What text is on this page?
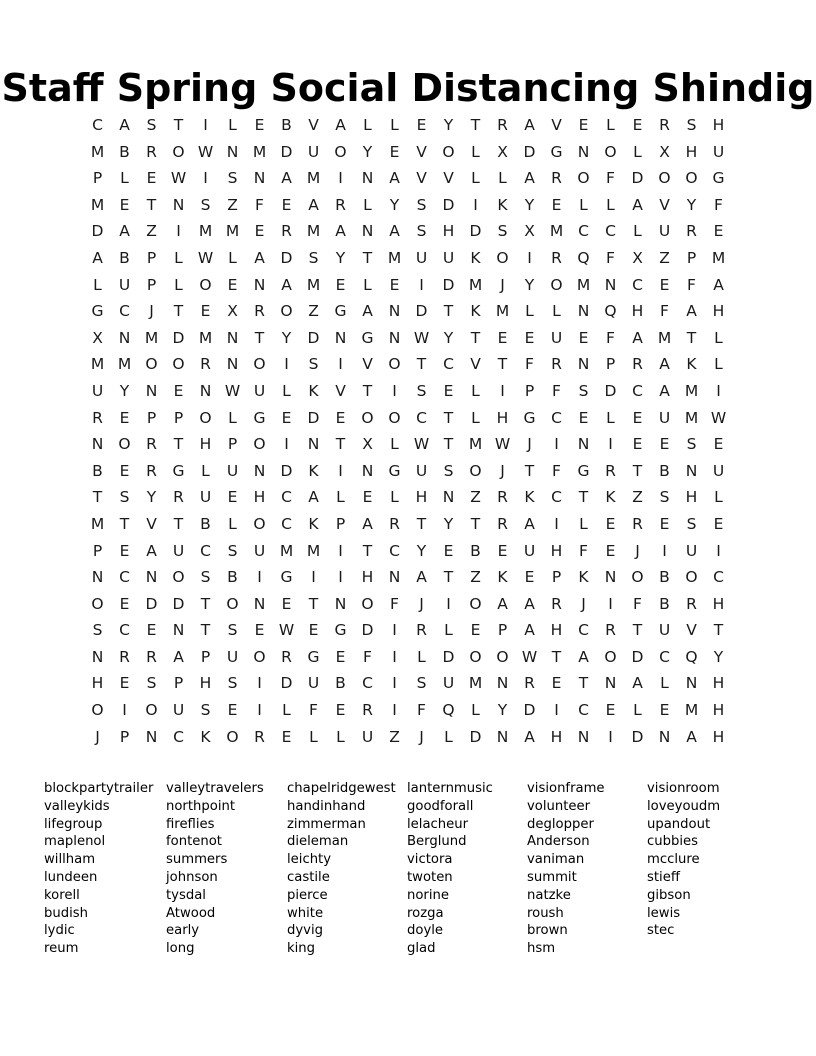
Staff Spring Social Distancing Shindig
C	A	S	T	I	L	E	B	V	A	L	L	E	Y	T	R	A	V	E	L	E	R	S	H
M B	R	O W N M D U O	Y	E	V	O	L	X	D G N O	L	X	H U
P	L	E W	I	S	N	A M	I	N	A	V	V	L	L	A	R	O	F	D O O G
M E	T	N	S	Z	F	E	A	R	L	Y	S	D	I	K	Y	E	L	L	A	V	Y	F
D	A	Z	I	M M E	R M A	N	A	S	H D	S	X M C	C	L	U	R	E
A	B	P	L W L	A	D	S	Y	T	M U	U	K	O	I	R	Q	F	X	Z	P	M
L	U	P	L	O	E	N	A M E	L	E	I	D M	J	Y	O M N	C	E	F	A
G	C	J	T	E	X	R	O	Z	G	A	N D	T	K M	L	L	N Q H	F	A	H
X	N M D M N	T	Y	D N G N W Y	T	E	E	U	E	F	A M	T	L
M M O O	R	N O	I	S	I	V	O	T	C	V	T	F	R	N	P	R	A	K	L
U	Y	N	E	N W U	L	K	V	T	I	S	E	L	I	P	F	S	D	C	A M	I
R	E	P	P	O	L	G	E	D	E	O O C	T	L	H G	C	E	L	E	U M W
N O	R	T	H	P	O	I	N	T	X	L W T	M W	J	I	N	I	E	E	S	E
B	E	R	G	L	U	N D	K	I	N G U	S	O	J	T	F	G	R	T	B	N	U
T	S	Y	R	U	E	H	C	A	L	E	L	H N	Z	R	K	C	T	K	Z	S	H	L
M	T	V	T	B	L	O C	K	P	A	R	T	Y	T	R	A	I	L	E	R	E	S	E
P	E	A	U	C	S	U M M	I	T	C	Y	E	B	E	U	H	F	E	J	I	U	I
N	C	N O	S	B	I	G	I	I	H N	A	T	Z	K	E	P	K	N O	B	O C
O	E	D D	T	O N	E	T	N O	F	J	I	O	A	A	R	J	I	F	B	R	H
S	C	E	N	T	S	E W E	G D	I	R	L	E	P	A	H	C	R	T	U	V	T
N	R	R	A	P	U O	R	G	E	F	I	L	D O O W T	A	O D	C Q	Y
H	E	S	P	H	S	I	D U	B	C	I	S	U M N	R	E	T	N	A	L	N H
O	I	O U	S	E	I	L	F	E	R	I	F	Q	L	Y	D	I	C	E	L	E M H
J	P	N	C	K	O	R	E	L	L	U	Z	J	L	D N	A	H N	I	D N	A	H
blockpartytrailer
valleykids
lifegroup
maplenol
willham
lundeen
korell
budish
lydic
reum
valleytravelers
northpoint
fireflies
fontenot
summers
johnson
tysdal
Atwood
early
long
chapelridgewest
handinhand
zimmerman
dieleman
leichty
castile
pierce
white
dyvig
king
lanternmusic
goodforall
lelacheur
Berglund
victora
twoten
norine
rozga
doyle
glad
visionframe
volunteer
deglopper
Anderson
vaniman
summit
natzke
roush
brown
hsm
visionroom
loveyoudm
upandout
cubbies
mcclure
stieff
gibson
lewis
stec
